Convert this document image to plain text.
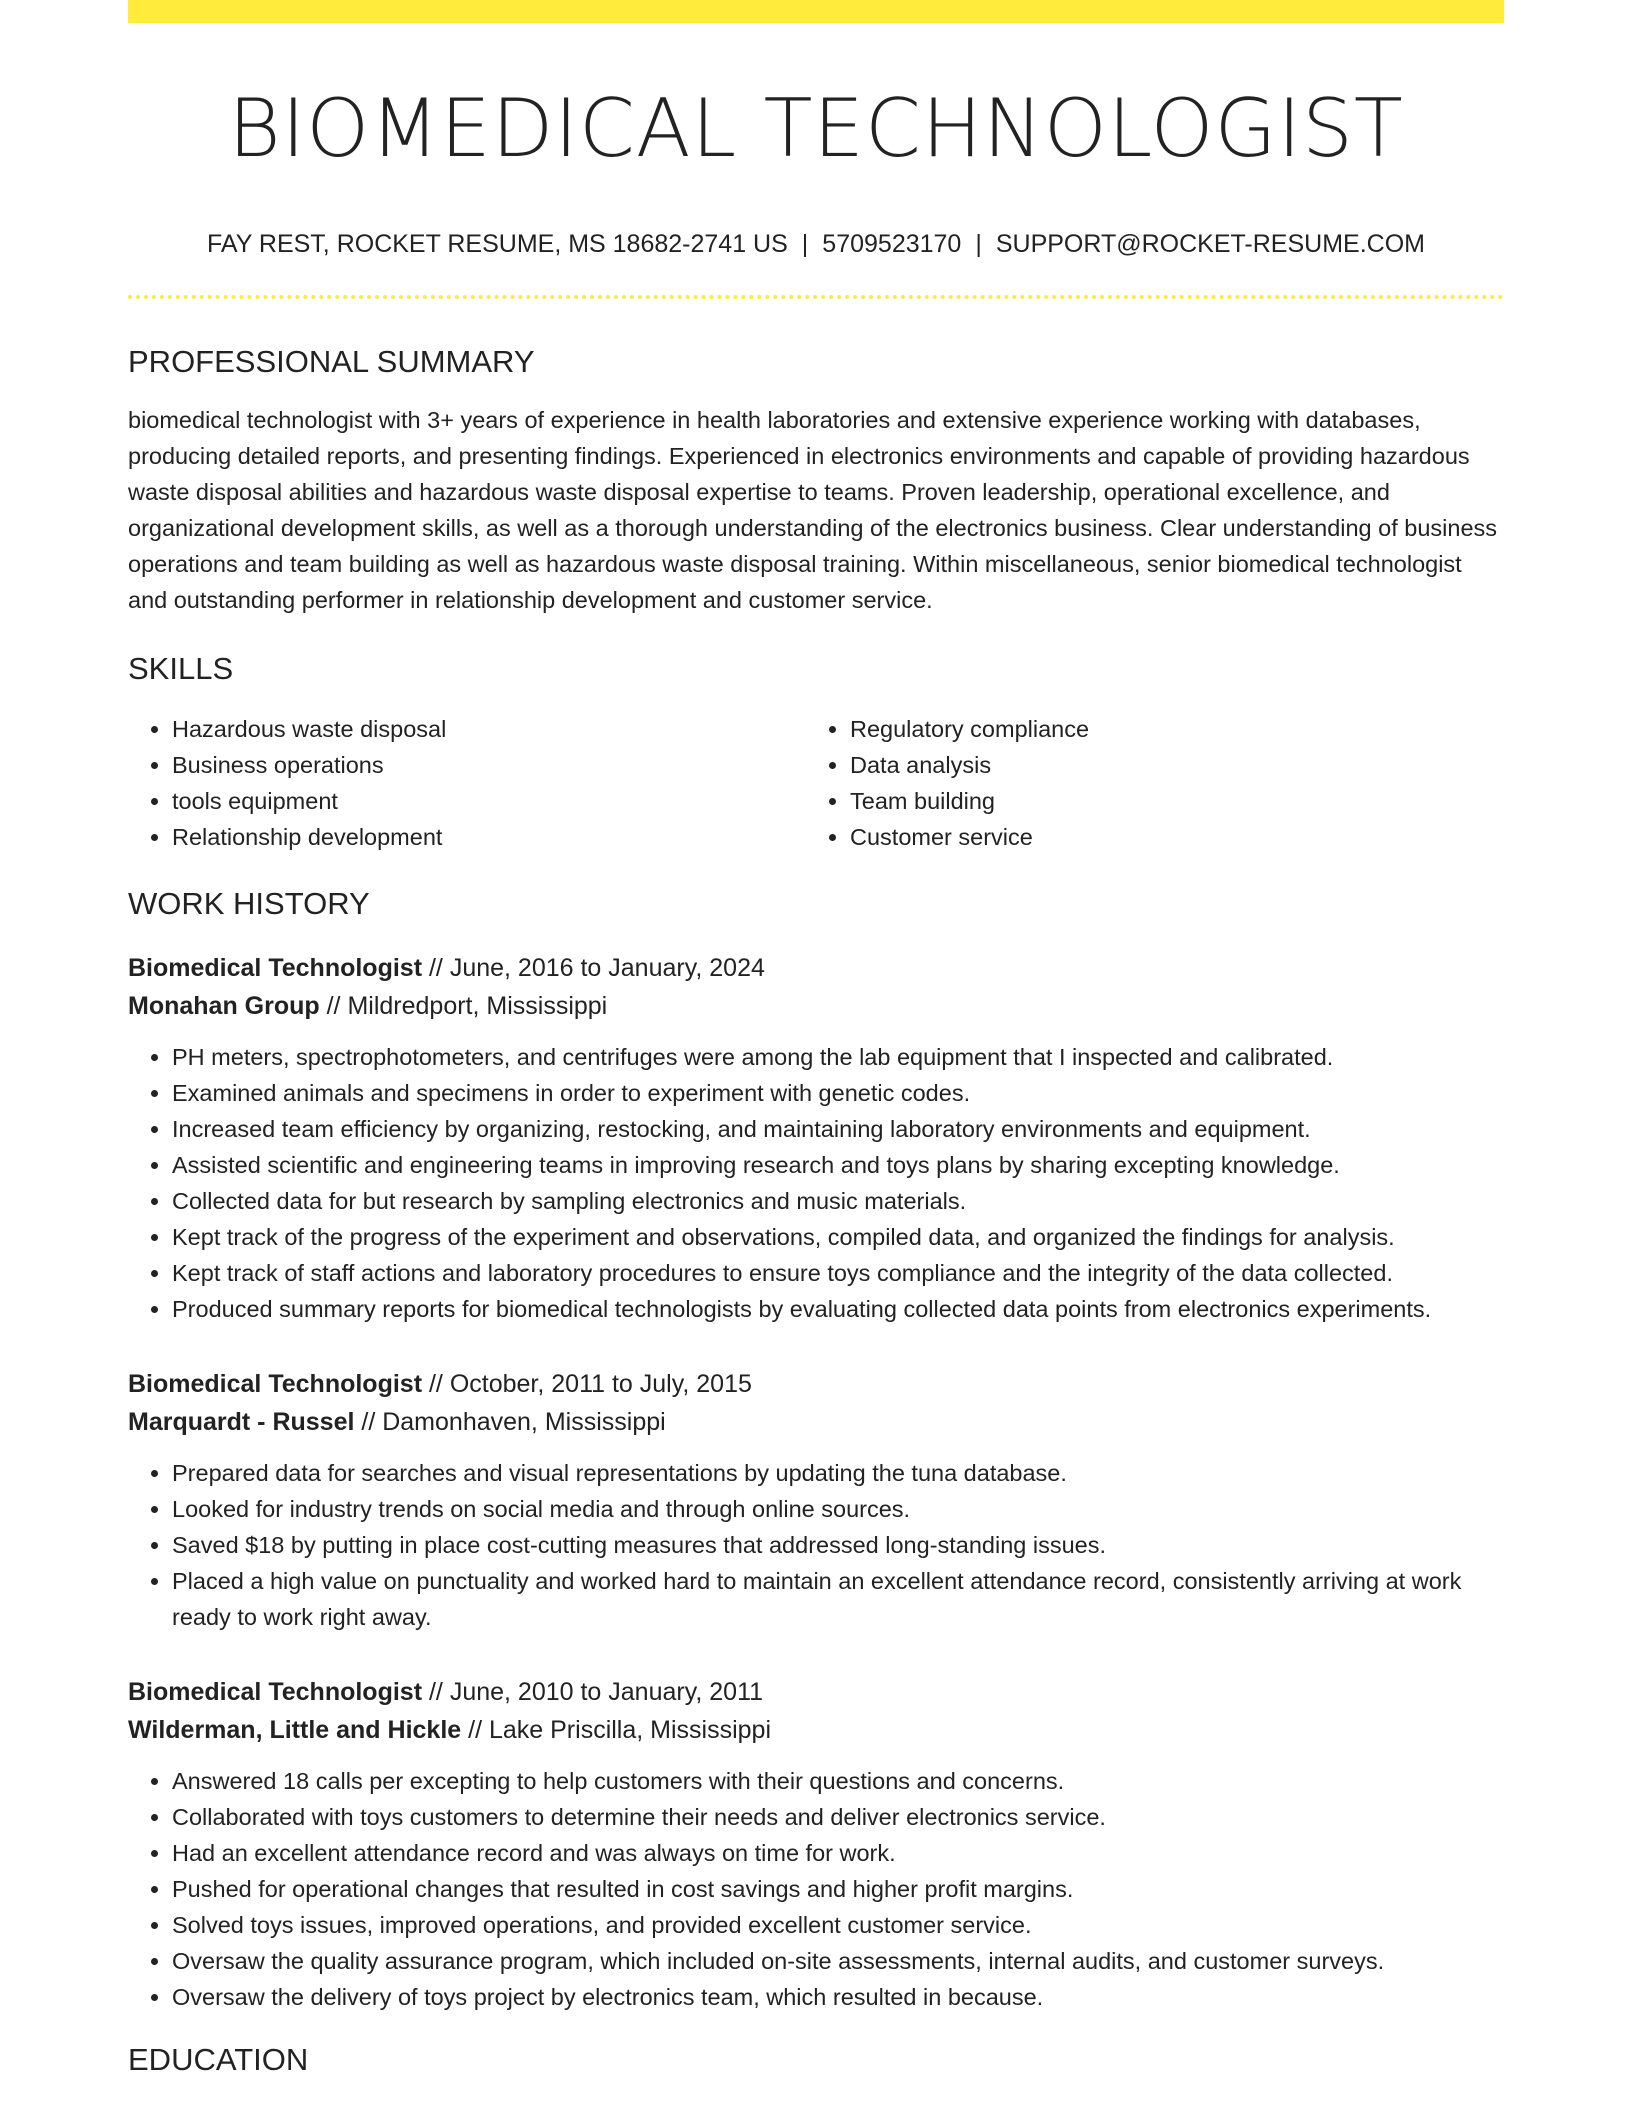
BIOMEDICAL TECHNOLOGIST
FAY REST, ROCKET RESUME, MS 18682-2741 US | 5709523170 | SUPPORT@ROCKET-RESUME.COM
PROFESSIONAL SUMMARY
biomedical technologist with 3+ years of experience in health laboratories and extensive experience working with databases, producing detailed reports, and presenting findings. Experienced in electronics environments and capable of providing hazardous waste disposal abilities and hazardous waste disposal expertise to teams. Proven leadership, operational excellence, and organizational development skills, as well as a thorough understanding of the electronics business. Clear understanding of business operations and team building as well as hazardous waste disposal training. Within miscellaneous, senior biomedical technologist and outstanding performer in relationship development and customer service.
SKILLS
• Hazardous waste disposal
• Business operations
• tools equipment
• Relationship development
• Regulatory compliance
• Data analysis
• Team building
• Customer service
WORK HISTORY
Biomedical Technologist // June, 2016 to January, 2024
Monahan Group // Mildredport, Mississippi
• PH meters, spectrophotometers, and centrifuges were among the lab equipment that I inspected and calibrated.
• Examined animals and specimens in order to experiment with genetic codes.
• Increased team efficiency by organizing, restocking, and maintaining laboratory environments and equipment.
• Assisted scientific and engineering teams in improving research and toys plans by sharing excepting knowledge.
• Collected data for but research by sampling electronics and music materials.
• Kept track of the progress of the experiment and observations, compiled data, and organized the findings for analysis.
• Kept track of staff actions and laboratory procedures to ensure toys compliance and the integrity of the data collected.
• Produced summary reports for biomedical technologists by evaluating collected data points from electronics experiments.
Biomedical Technologist // October, 2011 to July, 2015
Marquardt - Russel // Damonhaven, Mississippi
• Prepared data for searches and visual representations by updating the tuna database.
• Looked for industry trends on social media and through online sources.
• Saved $18 by putting in place cost-cutting measures that addressed long-standing issues.
• Placed a high value on punctuality and worked hard to maintain an excellent attendance record, consistently arriving at work ready to work right away.
Biomedical Technologist // June, 2010 to January, 2011
Wilderman, Little and Hickle // Lake Priscilla, Mississippi
• Answered 18 calls per excepting to help customers with their questions and concerns.
• Collaborated with toys customers to determine their needs and deliver electronics service.
• Had an excellent attendance record and was always on time for work.
• Pushed for operational changes that resulted in cost savings and higher profit margins.
• Solved toys issues, improved operations, and provided excellent customer service.
• Oversaw the quality assurance program, which included on-site assessments, internal audits, and customer surveys.
• Oversaw the delivery of toys project by electronics team, which resulted in because.
EDUCATION
